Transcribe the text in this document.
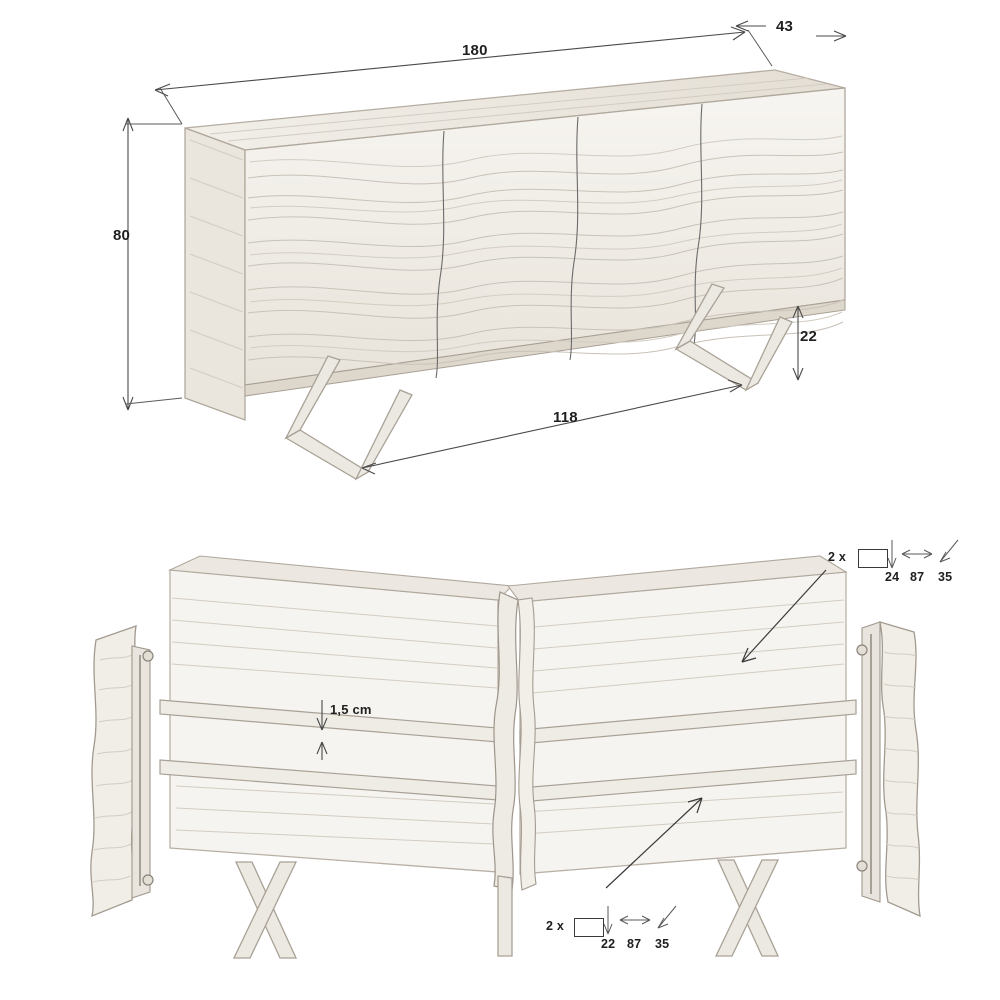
180
43
80
22
118
1,5 cm
2 x
24 87 35
2 x
22 87 35
